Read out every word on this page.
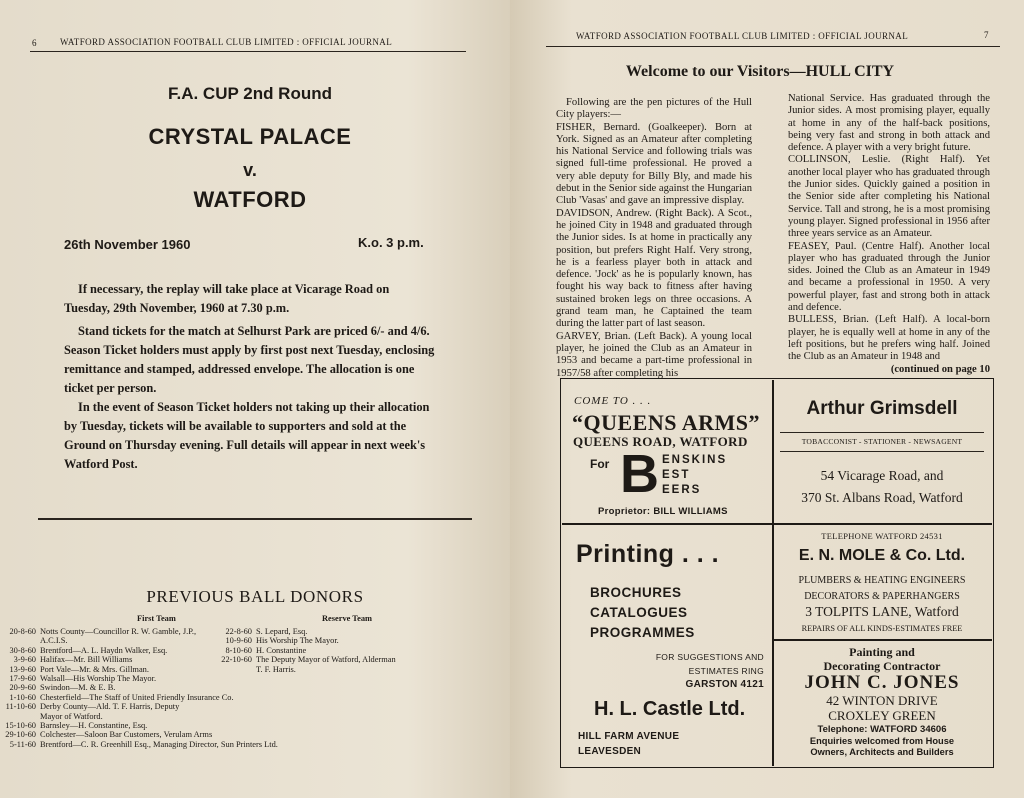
6	WATFORD ASSOCIATION FOOTBALL CLUB LIMITED : OFFICIAL JOURNAL
F.A. CUP 2nd Round
CRYSTAL PALACE
v.
WATFORD
26th November 1960	K.o. 3 p.m.
If necessary, the replay will take place at Vicarage Road on Tuesday, 29th November, 1960 at 7.30 p.m.
Stand tickets for the match at Selhurst Park are priced 6/- and 4/6. Season Ticket holders must apply by first post next Tuesday, enclosing remittance and stamped, addressed envelope. The allocation is one ticket per person.
In the event of Season Ticket holders not taking up their allocation by Tuesday, tickets will be available to supporters and sold at the Ground on Thursday evening. Full details will appear in next week's Watford Post.
PREVIOUS BALL DONORS
First Team	Reserve Team
20-8-60 Notts County—Councillor R. W. Gamble, J.P., A.C.I.S.
30-8-60 Brentford—A. L. Haydn Walker, Esq.
3-9-60 Halifax—Mr. Bill Williams
13-9-60 Port Vale—Mr. & Mrs. Gillman.
17-9-60 Walsall—His Worship The Mayor.
20-9-60 Swindon—M. & E. B.
1-10-60 Chesterfield—The Staff of United Friendly Insurance Co.
11-10-60 Derby County—Ald. T. F. Harris, Deputy Mayor of Watford.
15-10-60 Barnsley—H. Constantine, Esq.
29-10-60 Colchester—Saloon Bar Customers, Verulam Arms
5-11-60 Brentford—C. R. Greenhill Esq., Managing Director, Sun Printers Ltd.
22-8-60 S. Lepard, Esq.
10-9-60 His Worship The Mayor.
8-10-60 H. Constantine
22-10-60 The Deputy Mayor of Watford, Alderman T. F. Harris.
WATFORD ASSOCIATION FOOTBALL CLUB LIMITED : OFFICIAL JOURNAL	7
Welcome to our Visitors—HULL CITY
Following are the pen pictures of the Hull City players:—
FISHER, Bernard. (Goalkeeper). Born at York. Signed as an Amateur after completing his National Service and following trials was signed full-time professional. He proved a very able deputy for Billy Bly, and made his debut in the Senior side against the Hungarian Club 'Vasas' and gave an impressive display.
DAVIDSON, Andrew. (Right Back). A Scot., he joined City in 1948 and graduated through the Junior sides. Is at home in practically any position, but prefers Right Half. Very strong, he is a fearless player both in attack and defence. 'Jock' as he is popularly known, has fought his way back to fitness after having sustained broken legs on three occasions. A grand team man, he Captained the team during the latter part of last season.
GARVEY, Brian. (Left Back). A young local player, he joined the Club as an Amateur in 1953 and became a part-time professional in 1957/58 after completing his
National Service. Has graduated through the Junior sides. A most promising player, equally at home in any of the half-back positions, being very fast and strong in both attack and defence. A player with a very bright future.
COLLINSON, Leslie. (Right Half). Yet another local player who has graduated through the Junior sides. Quickly gained a position in the Senior side after completing his National Service. Tall and strong, he is a most promising young player. Signed professional in 1956 after three years service as an Amateur.
FEASEY, Paul. (Centre Half). Another local player who has graduated through the Junior sides. Joined the Club as an Amateur in 1949 and became a professional in 1950. A very powerful player, fast and strong both in attack and defence.
BULLESS, Brian. (Left Half). A local-born player, he is equally well at home in any of the left positions, but he prefers wing half. Joined the Club as an Amateur in 1948 and
(continued on page 10
COME TO . . .
“QUEENS ARMS”
QUEENS ROAD, WATFORD
For B ENSKINS
EST
EERS
Proprietor: BILL WILLIAMS
Arthur Grimsdell
TOBACCONIST - STATIONER - NEWSAGENT
54 Vicarage Road, and
370 St. Albans Road, Watford
Printing . . .
BROCHURES
CATALOGUES
PROGRAMMES
FOR SUGGESTIONS AND
ESTIMATES RING
GARSTON 4121
H. L. Castle Ltd.
HILL FARM AVENUE
LEAVESDEN
TELEPHONE WATFORD 24531
E. N. MOLE & Co. Ltd.
PLUMBERS & HEATING ENGINEERS
DECORATORS & PAPERHANGERS
3 TOLPITS LANE, Watford
REPAIRS OF ALL KINDS-ESTIMATES FREE
Painting and
Decorating Contractor
JOHN C. JONES
42 WINTON DRIVE
CROXLEY GREEN
Telephone: WATFORD 34606
Enquiries welcomed from House
Owners, Architects and Builders
